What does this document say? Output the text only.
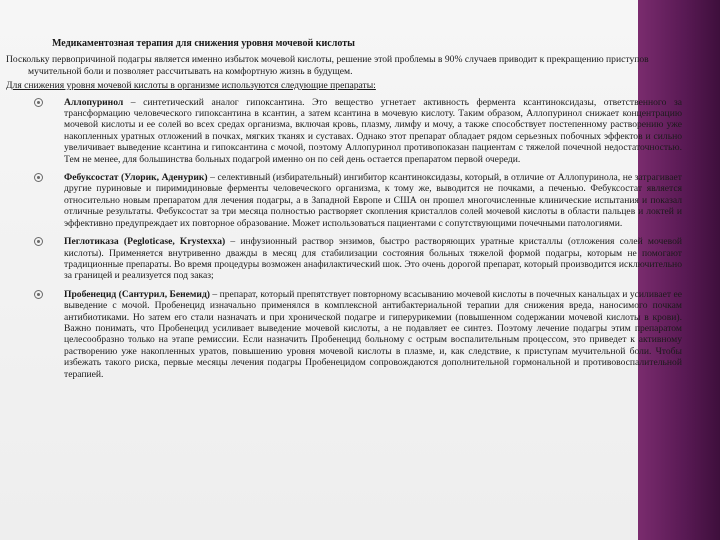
Медикаментозная терапия для снижения уровня мочевой кислоты

Поскольку первопричиной подагры является именно избыток мочевой кислоты, решение этой проблемы в 90% случаев приводит к прекращению приступов мучительной боли и позволяет рассчитывать на комфортную жизнь в будущем.

Для снижения уровня мочевой кислоты в организме используются следующие препараты:

Аллопуринол – синтетический аналог гипоксантина. Это вещество угнетает активность фермента ксантиноксидазы, ответственного за трансформацию человеческого гипоксантина в ксантин, а затем ксантина в мочевую кислоту. Таким образом, Аллопуринол снижает концентрацию мочевой кислоты и ее солей во всех средах организма, включая кровь, плазму, лимфу и мочу, а также способствует постепенному растворению уже накопленных уратных отложений в почках, мягких тканях и суставах. Однако этот препарат обладает рядом серьезных побочных эффектов и сильно увеличивает выведение ксантина и гипоксантина с мочой, поэтому Аллопуринол противопоказан пациентам с тяжелой почечной недостаточностью. Тем не менее, для большинства больных подагрой именно он по сей день остается препаратом первой очереди.
Фебуксостат (Улорик, Аденурик) – селективный (избирательный) ингибитор ксантиноксидазы, который, в отличие от Аллопуринола, не затрагивает другие пуриновые и пиримидиновые ферменты человеческого организма, к тому же, выводится не почками, а печенью. Фебуксостат является относительно новым препаратом для лечения подагры, а в Западной Европе и США он прошел многочисленные клинические испытания и показал отличные результаты. Фебуксостат за три месяца полностью растворяет скопления кристаллов солей мочевой кислоты в области пальцев и локтей и эффективно предупреждает их повторное образование. Может использоваться пациентами с сопутствующими почечными патологиями.
Пеглотиказа (Pegloticase, Krystexxa) – инфузионный раствор энзимов, быстро растворяющих уратные кристаллы (отложения солей мочевой кислоты). Применяется внутривенно дважды в месяц для стабилизации состояния больных тяжелой формой подагры, которым не помогают традиционные препараты. Во время процедуры возможен анафилактический шок. Это очень дорогой препарат, который производится исключительно за границей и реализуется под заказ;
Пробенецид (Сантурил, Бенемид) – препарат, который препятствует повторному всасыванию мочевой кислоты в почечных канальцах и усиливает ее выведение с мочой. Пробенецид изначально применялся в комплексной антибактериальной терапии для снижения вреда, наносимого почкам антибиотиками. Но затем его стали назначать и при хронической подагре и гиперурикемии (повышенном содержании мочевой кислоты в крови). Важно понимать, что Пробенецид усиливает выведение мочевой кислоты, а не подавляет ее синтез. Поэтому лечение подагры этим препаратом целесообразно только на этапе ремиссии. Если назначить Пробенецид больному с острым воспалительным процессом, это приведет к активному растворению уже накопленных уратов, повышению уровня мочевой кислоты в плазме, и, как следствие, к приступам мучительной боли. Чтобы избежать такого риска, первые месяцы лечения подагры Пробенецидом сопровождаются дополнительной гормональной и противовоспалительной терапией.
